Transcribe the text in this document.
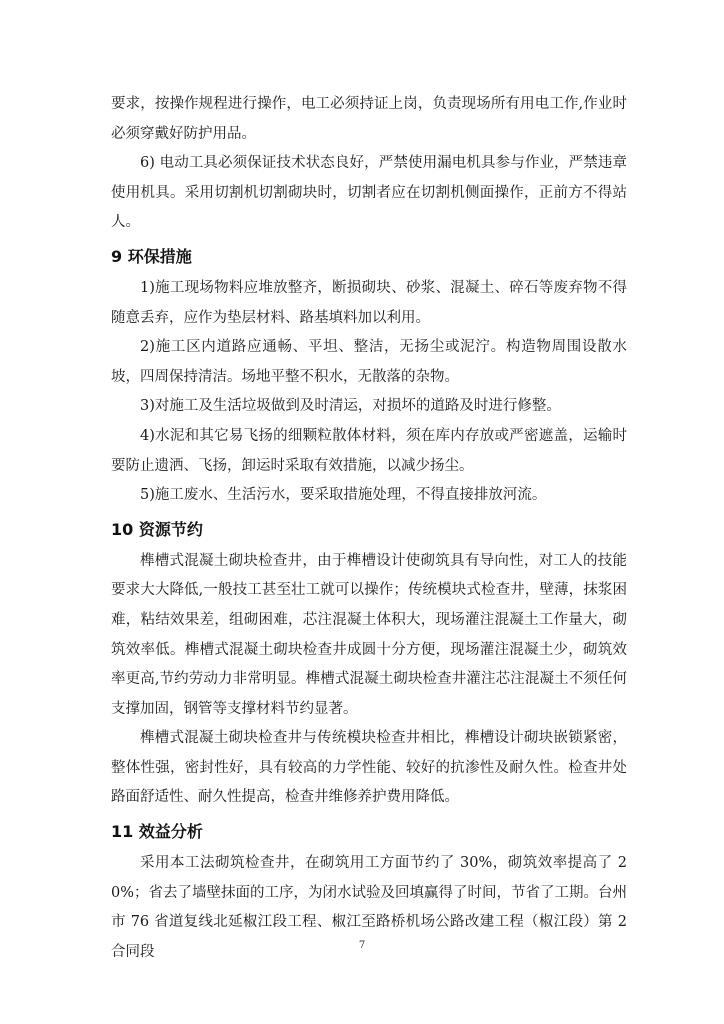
要求，按操作规程进行操作，电工必须持证上岗，负责现场所有用电工作,作业时必须穿戴好防护用品。

6) 电动工具必须保证技术状态良好，严禁使用漏电机具参与作业，严禁违章使用机具。采用切割机切割砌块时，切割者应在切割机侧面操作，正前方不得站人。

9 环保措施

1)施工现场物料应堆放整齐，断损砌块、砂浆、混凝土、碎石等废弃物不得随意丢弃，应作为垫层材料、路基填料加以利用。

2)施工区内道路应通畅、平坦、整洁，无扬尘或泥泞。构造物周围设散水坡，四周保持清洁。场地平整不积水，无散落的杂物。

3)对施工及生活垃圾做到及时清运，对损坏的道路及时进行修整。

4)水泥和其它易飞扬的细颗粒散体材料，须在库内存放或严密遮盖，运输时要防止遗洒、飞扬，卸运时采取有效措施，以减少扬尘。

5)施工废水、生活污水，要采取措施处理，不得直接排放河流。

10 资源节约

榫槽式混凝土砌块检查井，由于榫槽设计使砌筑具有导向性，对工人的技能要求大大降低,一般技工甚至壮工就可以操作；传统模块式检查井，壁薄，抹浆困难，粘结效果差，组砌困难，芯注混凝土体积大，现场灌注混凝土工作量大，砌筑效率低。榫槽式混凝土砌块检查井成圆十分方便，现场灌注混凝土少，砌筑效率更高,节约劳动力非常明显。榫槽式混凝土砌块检查井灌注芯注混凝土不须任何支撑加固，钢管等支撑材料节约显著。

榫槽式混凝土砌块检查井与传统模块检查井相比，榫槽设计砌块嵌锁紧密，整体性强，密封性好，具有较高的力学性能、较好的抗渗性及耐久性。检查井处路面舒适性、耐久性提高，检查井维修养护费用降低。

11 效益分析

采用本工法砌筑检查井，在砌筑用工方面节约了 30%，砌筑效率提高了 20%；省去了墙壁抹面的工序，为闭水试验及回填赢得了时间，节省了工期。台州市 76 省道复线北延椒江段工程、椒江至路桥机场公路改建工程（椒江段）第 2 合同段	7
